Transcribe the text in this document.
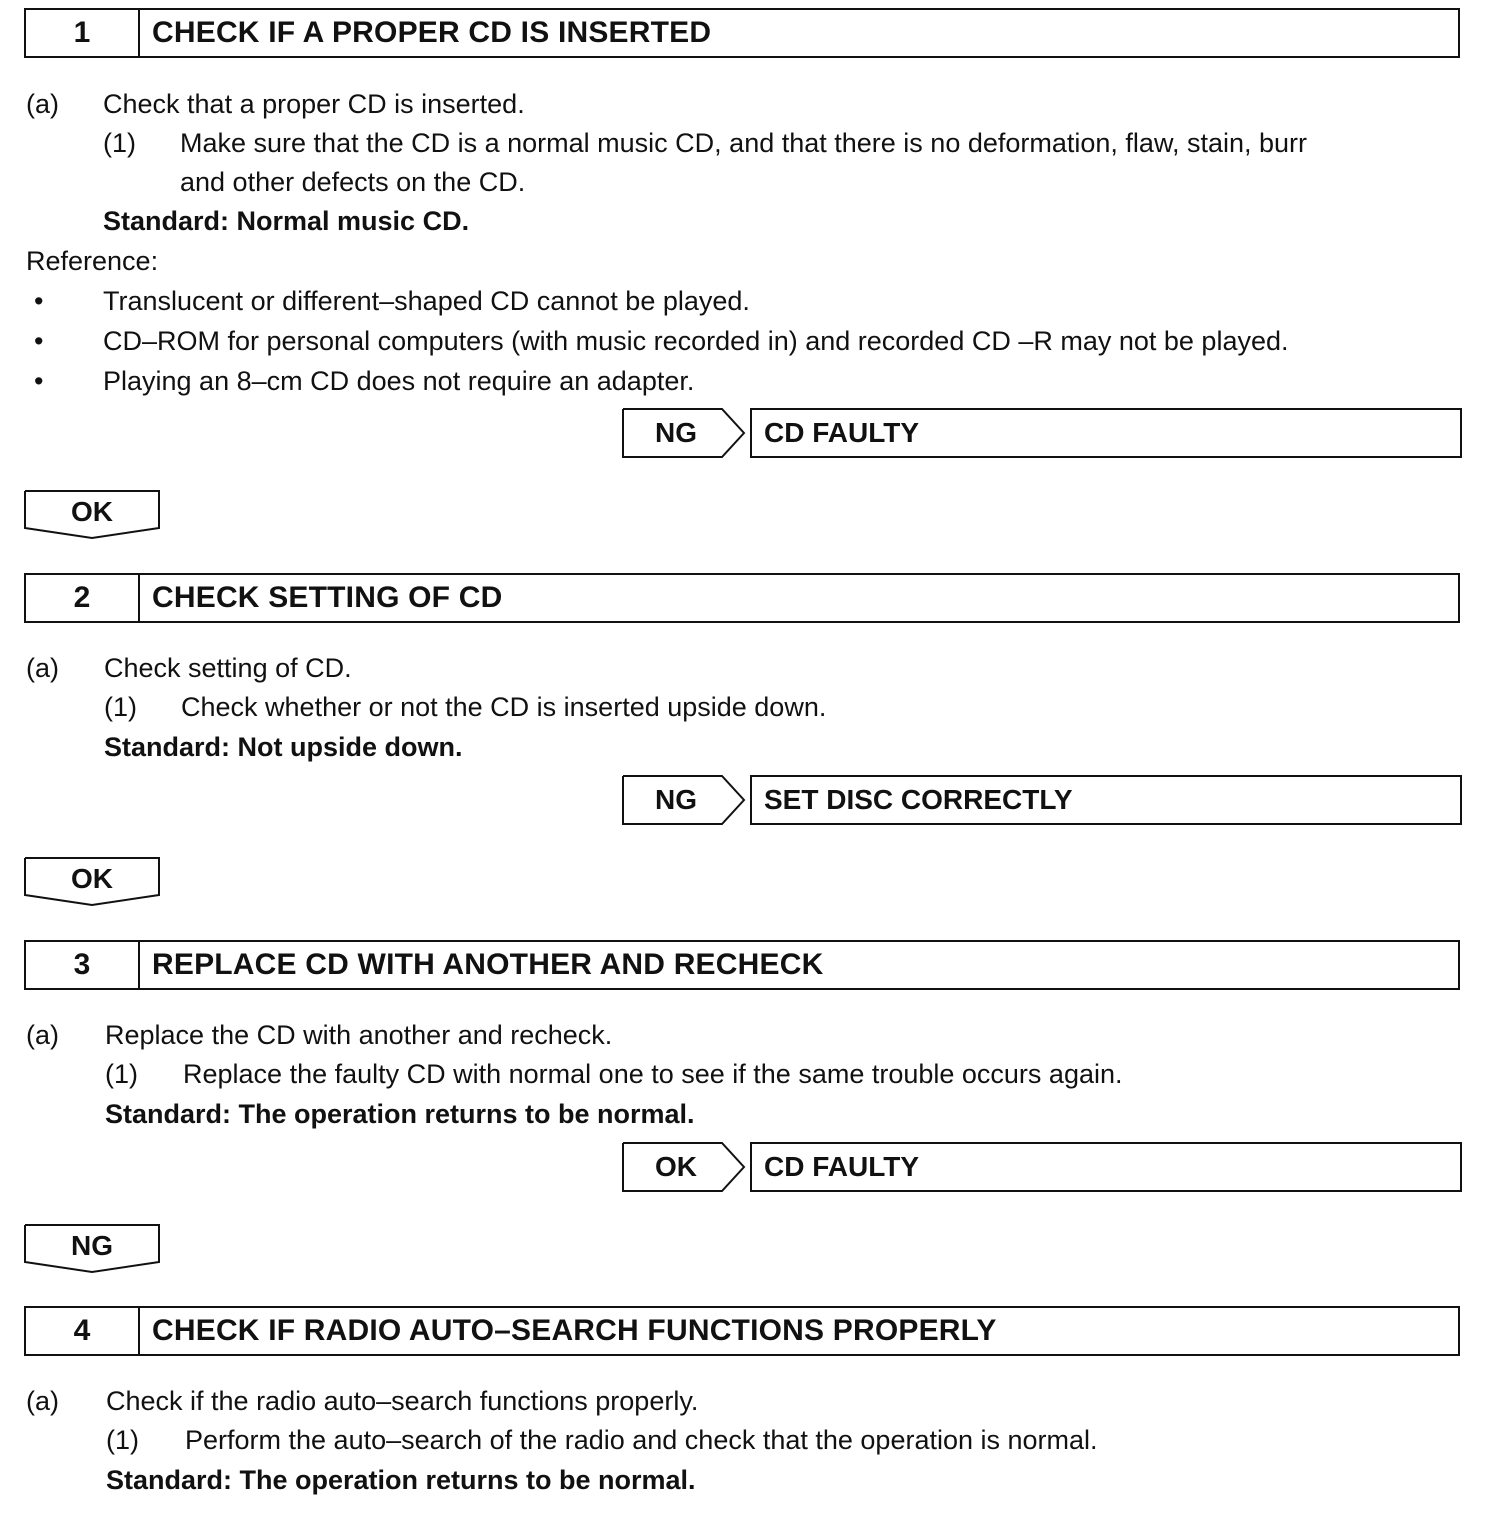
1	CHECK IF A PROPER CD IS INSERTED
(a) Check that a proper CD is inserted.
(1) Make sure that the CD is a normal music CD, and that there is no deformation, flaw, stain, burr
and other defects on the CD.
Standard: Normal music CD.
Reference:
• Translucent or different–shaped CD cannot be played.
• CD–ROM for personal computers (with music recorded in) and recorded CD –R may not be played.
• Playing an 8–cm CD does not require an adapter.
NG	CD FAULTY
OK
2	CHECK SETTING OF CD
(a) Check setting of CD.
(1) Check whether or not the CD is inserted upside down.
Standard: Not upside down.
NG	SET DISC CORRECTLY
OK
3	REPLACE CD WITH ANOTHER AND RECHECK
(a) Replace the CD with another and recheck.
(1) Replace the faulty CD with normal one to see if the same trouble occurs again.
Standard: The operation returns to be normal.
OK	CD FAULTY
NG
4	CHECK IF RADIO AUTO–SEARCH FUNCTIONS PROPERLY
(a) Check if the radio auto–search functions properly.
(1) Perform the auto–search of the radio and check that the operation is normal.
Standard: The operation returns to be normal.
